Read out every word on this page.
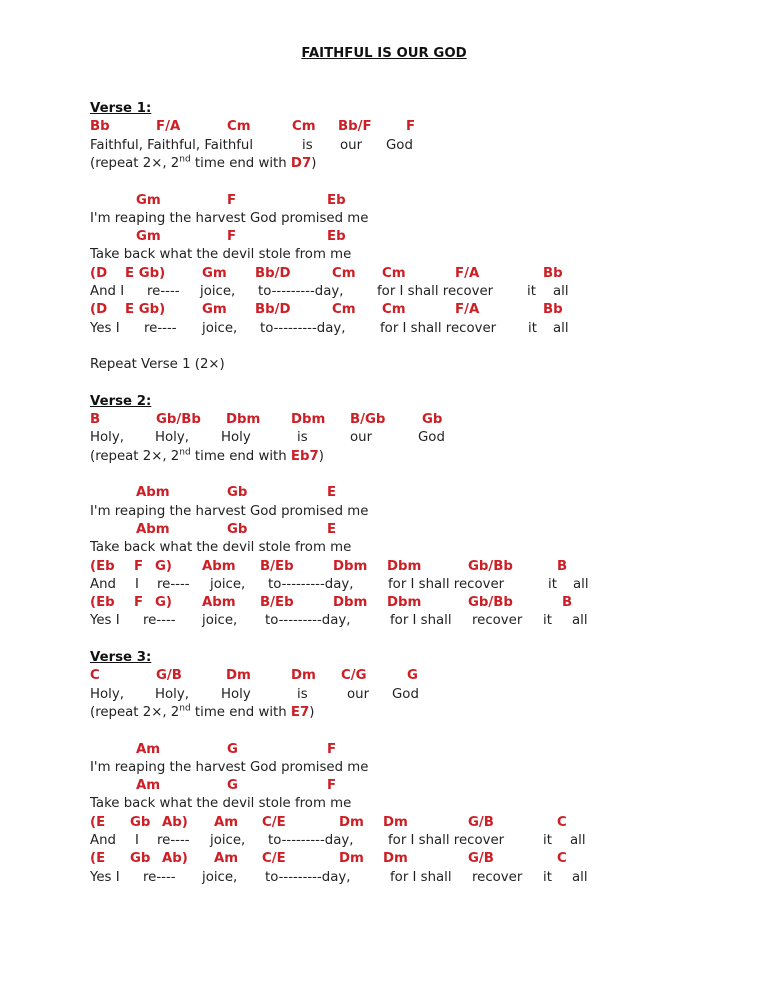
FAITHFUL IS OUR GOD
Verse 1:
Bb	F/A	Cm	Cm Bb/F	F
Faithful, Faithful, Faithful	is our God
(repeat 2×, 2nd time end with D7)
Gm	F	Eb
I'm reaping the harvest God promised me
Gm	F	Eb
Take back what the devil stole from me
(D E Gb)	Gm Bb/D	Cm Cm	F/A	Bb
And I re---- joice, to---------day,	for I shall recover	it all
(D E Gb)	Gm Bb/D	Cm Cm	F/A	Bb
Yes I re---- joice, to---------day,	for I shall recover it all
Repeat Verse 1 (2×)
Verse 2:
B	Gb/Bb Dbm Dbm B/Gb	Gb
Holy, Holy, Holy	is	our	God
(repeat 2×, 2nd time end with Eb7)
Abm	Gb	E
I'm reaping the harvest God promised me
Abm	Gb	E
Take back what the devil stole from me
(Eb F G) Abm B/Eb	Dbm Dbm	Gb/Bb	B
And I re---- joice, to---------day,	for I shall recover	it all
(Eb F G) Abm B/Eb	Dbm Dbm	Gb/Bb	B
Yes I re---- joice, to---------day,	for I shall recover it all
Verse 3:
C	G/B	Dm	Dm C/G	G
Holy, Holy, Holy	is	our God
(repeat 2×, 2nd time end with E7)
Am	G	F
I'm reaping the harvest God promised me
Am	G	F
Take back what the devil stole from me
(E Gb Ab) Am C/E	Dm Dm	G/B	C
And I re---- joice, to---------day,	for I shall recover	it all
(E Gb Ab) Am C/E	Dm Dm	G/B	C
Yes I re---- joice, to---------day,	for I shall recover it all
